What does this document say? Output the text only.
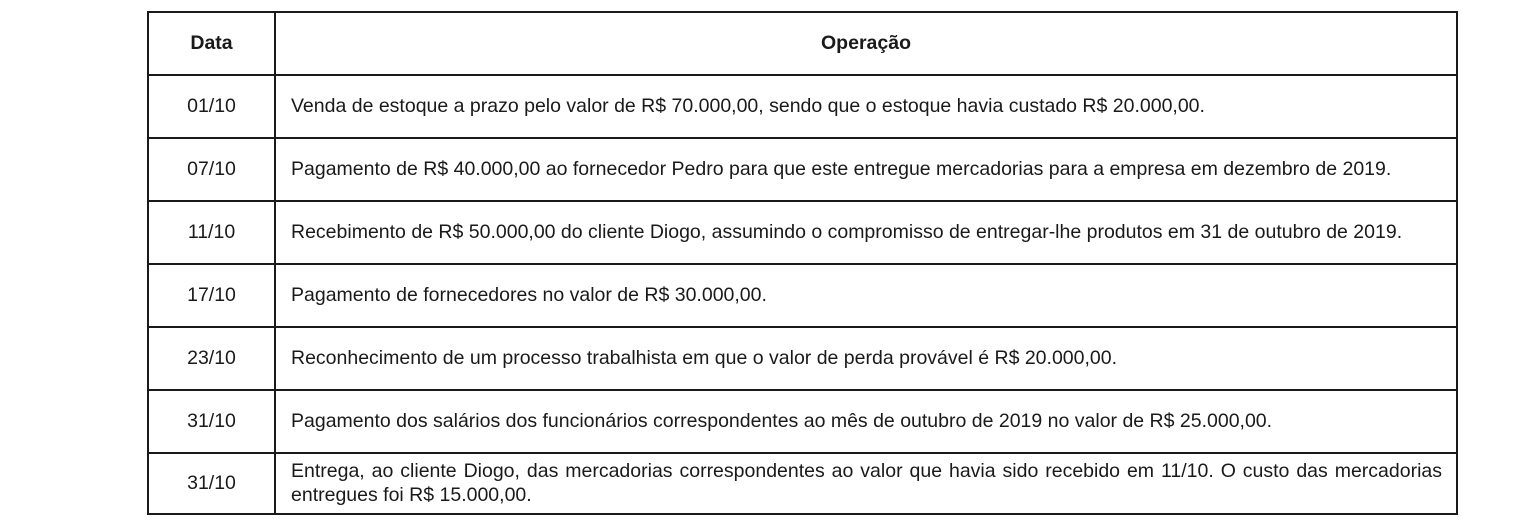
Data	Operação
01/10	Venda de estoque a prazo pelo valor de R$ 70.000,00, sendo que o estoque havia custado R$ 20.000,00.
07/10	Pagamento de R$ 40.000,00 ao fornecedor Pedro para que este entregue mercadorias para a empresa em dezembro de 2019.
11/10	Recebimento de R$ 50.000,00 do cliente Diogo, assumindo o compromisso de entregar-lhe produtos em 31 de outubro de 2019.
17/10	Pagamento de fornecedores no valor de R$ 30.000,00.
23/10	Reconhecimento de um processo trabalhista em que o valor de perda provável é R$ 20.000,00.
31/10	Pagamento dos salários dos funcionários correspondentes ao mês de outubro de 2019 no valor de R$ 25.000,00.
31/10	Entrega, ao cliente Diogo, das mercadorias correspondentes ao valor que havia sido recebido em 11/10. O custo das mercadorias entregues foi R$ 15.000,00.
